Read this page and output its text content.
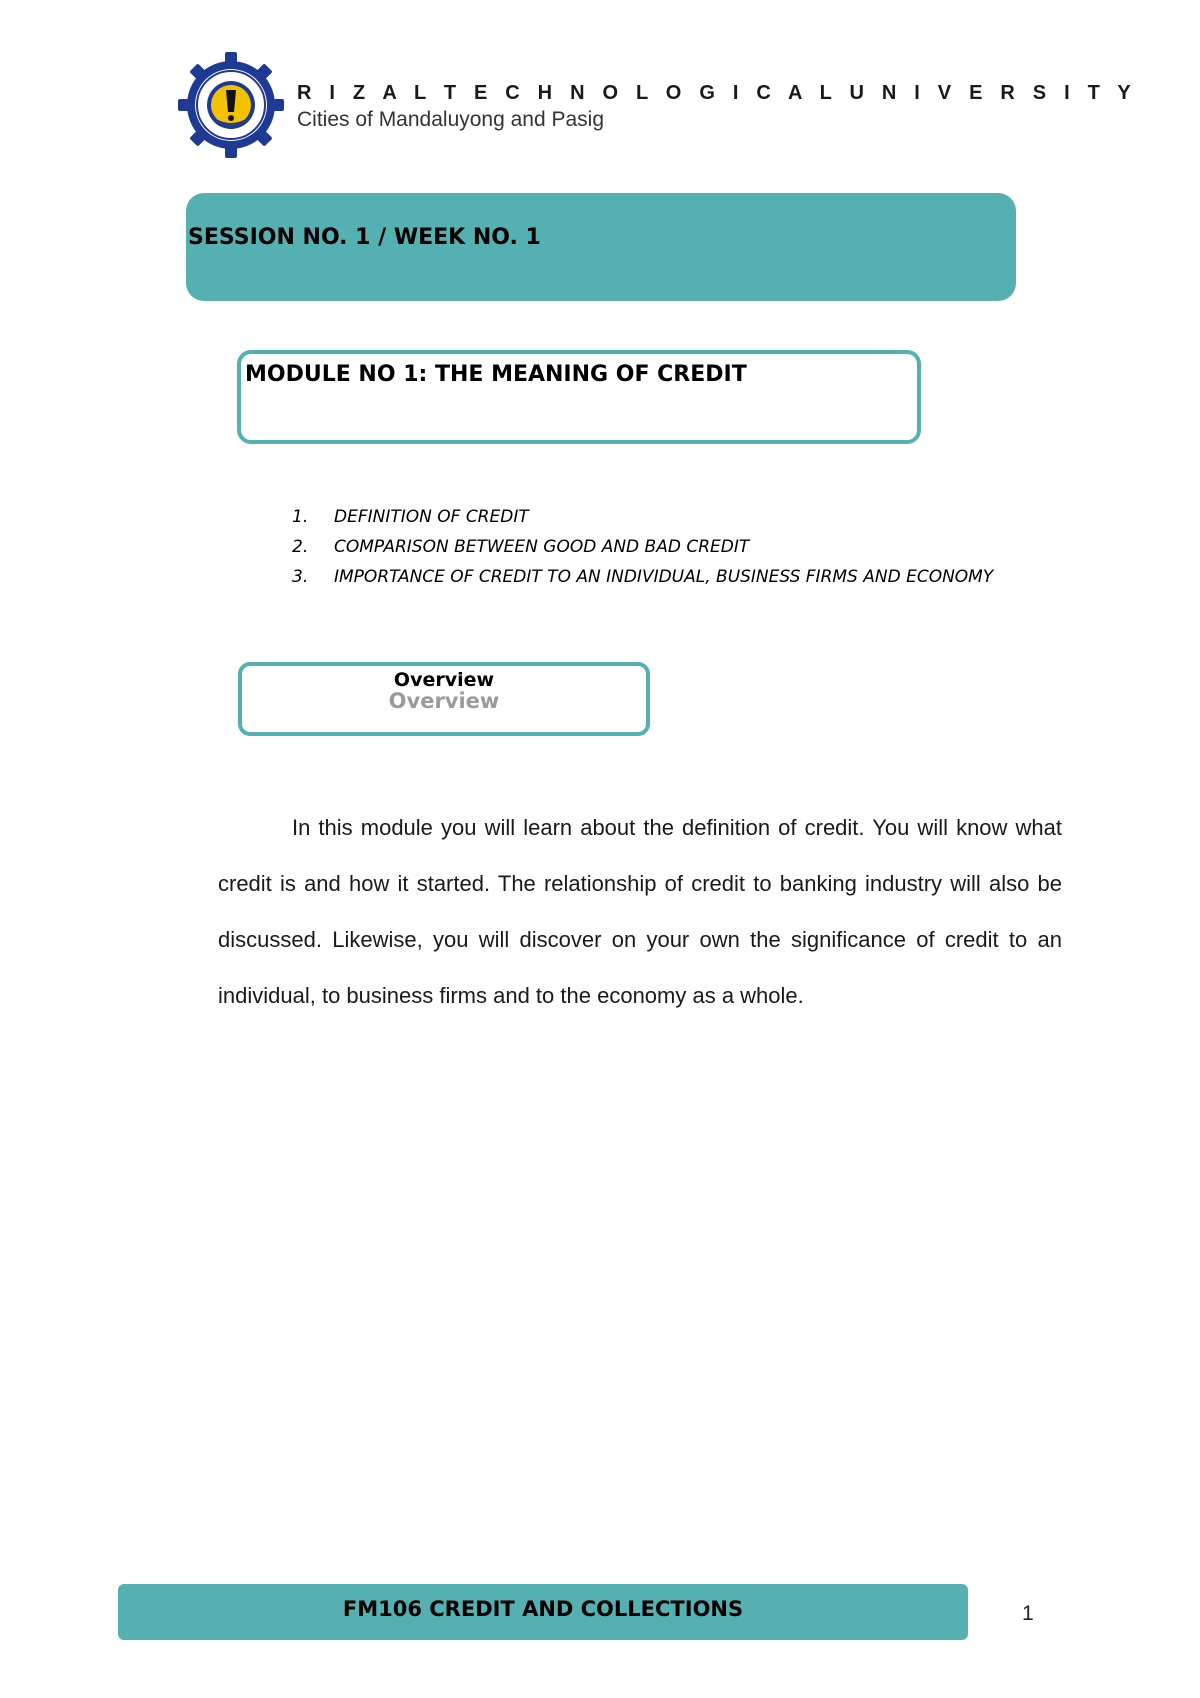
R I Z A L T E C H N O L O G I C A L U N I V E R S I T Y
Cities of Mandaluyong and Pasig
SESSION NO. 1 / WEEK NO. 1
MODULE NO 1: THE MEANING OF CREDIT
1. DEFINITION OF CREDIT
2. COMPARISON BETWEEN GOOD AND BAD CREDIT
3. IMPORTANCE OF CREDIT TO AN INDIVIDUAL, BUSINESS FIRMS AND ECONOMY
Overview
Overview

In this module you will learn about the definition of credit. You will know what credit is and how it started. The relationship of credit to banking industry will also be discussed. Likewise, you will discover on your own the significance of credit to an individual, to business firms and to the economy as a whole.

FM106 CREDIT AND COLLECTIONS	1
